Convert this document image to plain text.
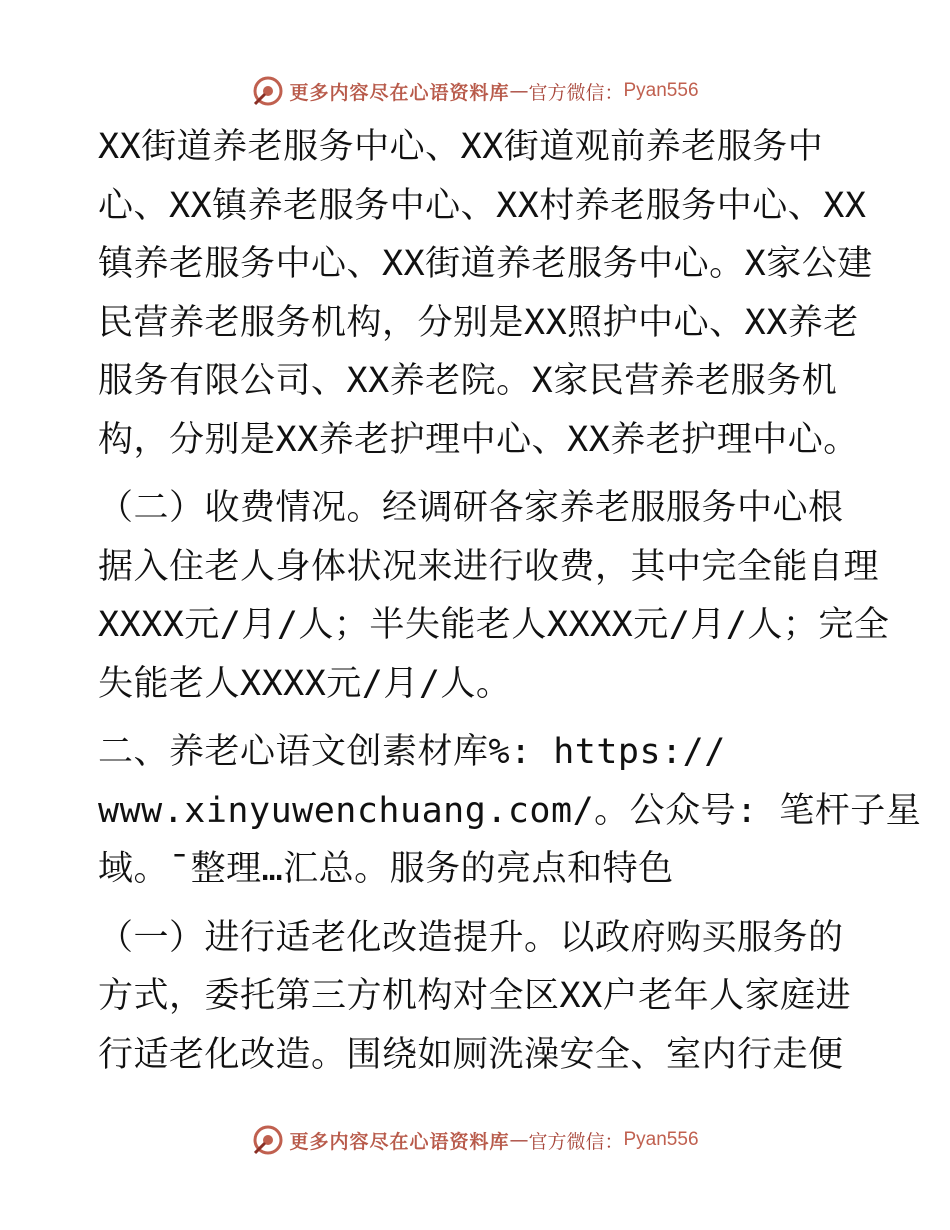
更多内容尽在心语资料库 — 官方微信： Pyan556

XX街道养老服务中心、XX街道观前养老服务中
心、XX镇养老服务中心、XX村养老服务中心、XX
镇养老服务中心、XX街道养老服务中心。X家公建
民营养老服务机构，分别是XX照护中心、XX养老
服务有限公司、XX养老院。X家民营养老服务机
构，分别是XX养老护理中心、XX养老护理中心。

（二）收费情况。经调研各家养老服服务中心根
据入住老人身体状况来进行收费，其中完全能自理
XXXX元/月/人；半失能老人XXXX元/月/人；完全
失能老人XXXX元/月/人。

二、养老心语文创素材库%: https://
www.xinyuwenchuang.com/。公众号: 笔杆子星
域。¯整理…汇总。服务的亮点和特色

（一）进行适老化改造提升。以政府购买服务的
方式，委托第三方机构对全区XX户老年人家庭进
行适老化改造。围绕如厕洗澡安全、室内行走便

更多内容尽在心语资料库 — 官方微信： Pyan556
